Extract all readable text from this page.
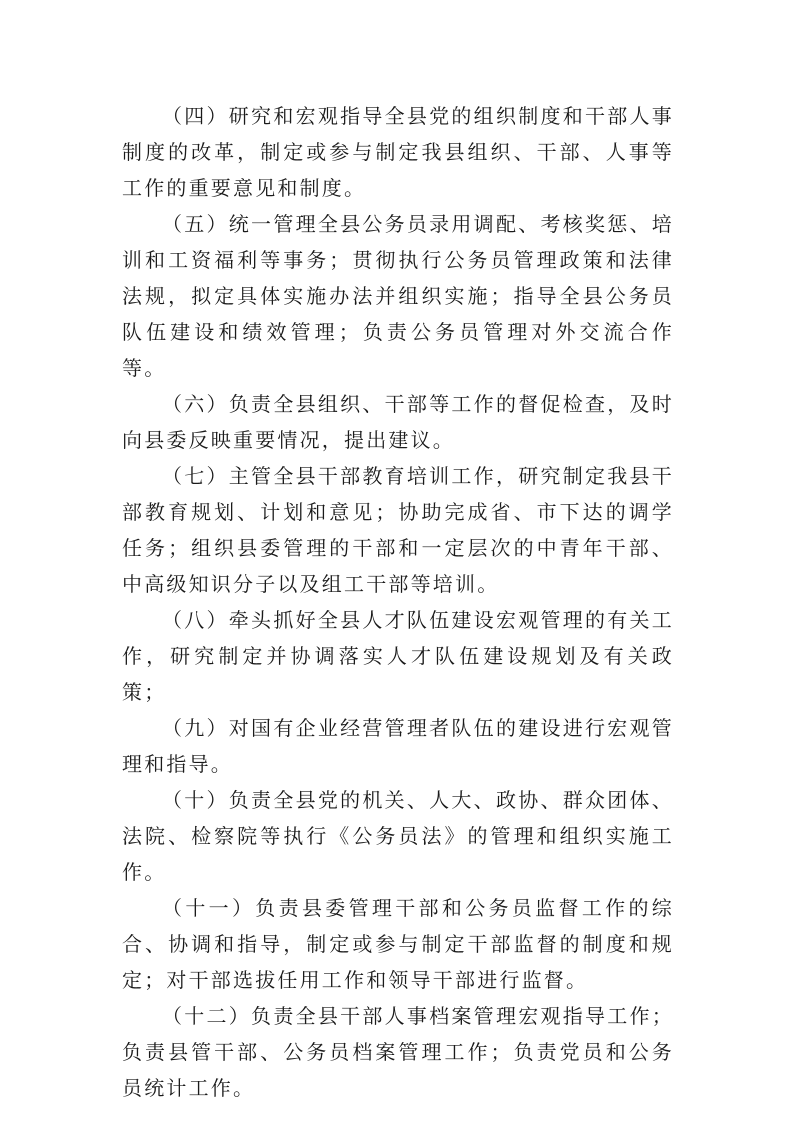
（四）研究和宏观指导全县党的组织制度和干部人事制度的改革，制定或参与制定我县组织、干部、人事等工作的重要意见和制度。

（五）统一管理全县公务员录用调配、考核奖惩、培训和工资福利等事务；贯彻执行公务员管理政策和法律法规，拟定具体实施办法并组织实施；指导全县公务员队伍建设和绩效管理；负责公务员管理对外交流合作等。

（六）负责全县组织、干部等工作的督促检查，及时向县委反映重要情况，提出建议。

（七）主管全县干部教育培训工作，研究制定我县干部教育规划、计划和意见；协助完成省、市下达的调学任务；组织县委管理的干部和一定层次的中青年干部、中高级知识分子以及组工干部等培训。

（八）牵头抓好全县人才队伍建设宏观管理的有关工作，研究制定并协调落实人才队伍建设规划及有关政策；

（九）对国有企业经营管理者队伍的建设进行宏观管理和指导。

（十）负责全县党的机关、人大、政协、群众团体、法院、检察院等执行《公务员法》的管理和组织实施工作。

（十一）负责县委管理干部和公务员监督工作的综合、协调和指导，制定或参与制定干部监督的制度和规定；对干部选拔任用工作和领导干部进行监督。

（十二）负责全县干部人事档案管理宏观指导工作；负责县管干部、公务员档案管理工作；负责党员和公务员统计工作。
